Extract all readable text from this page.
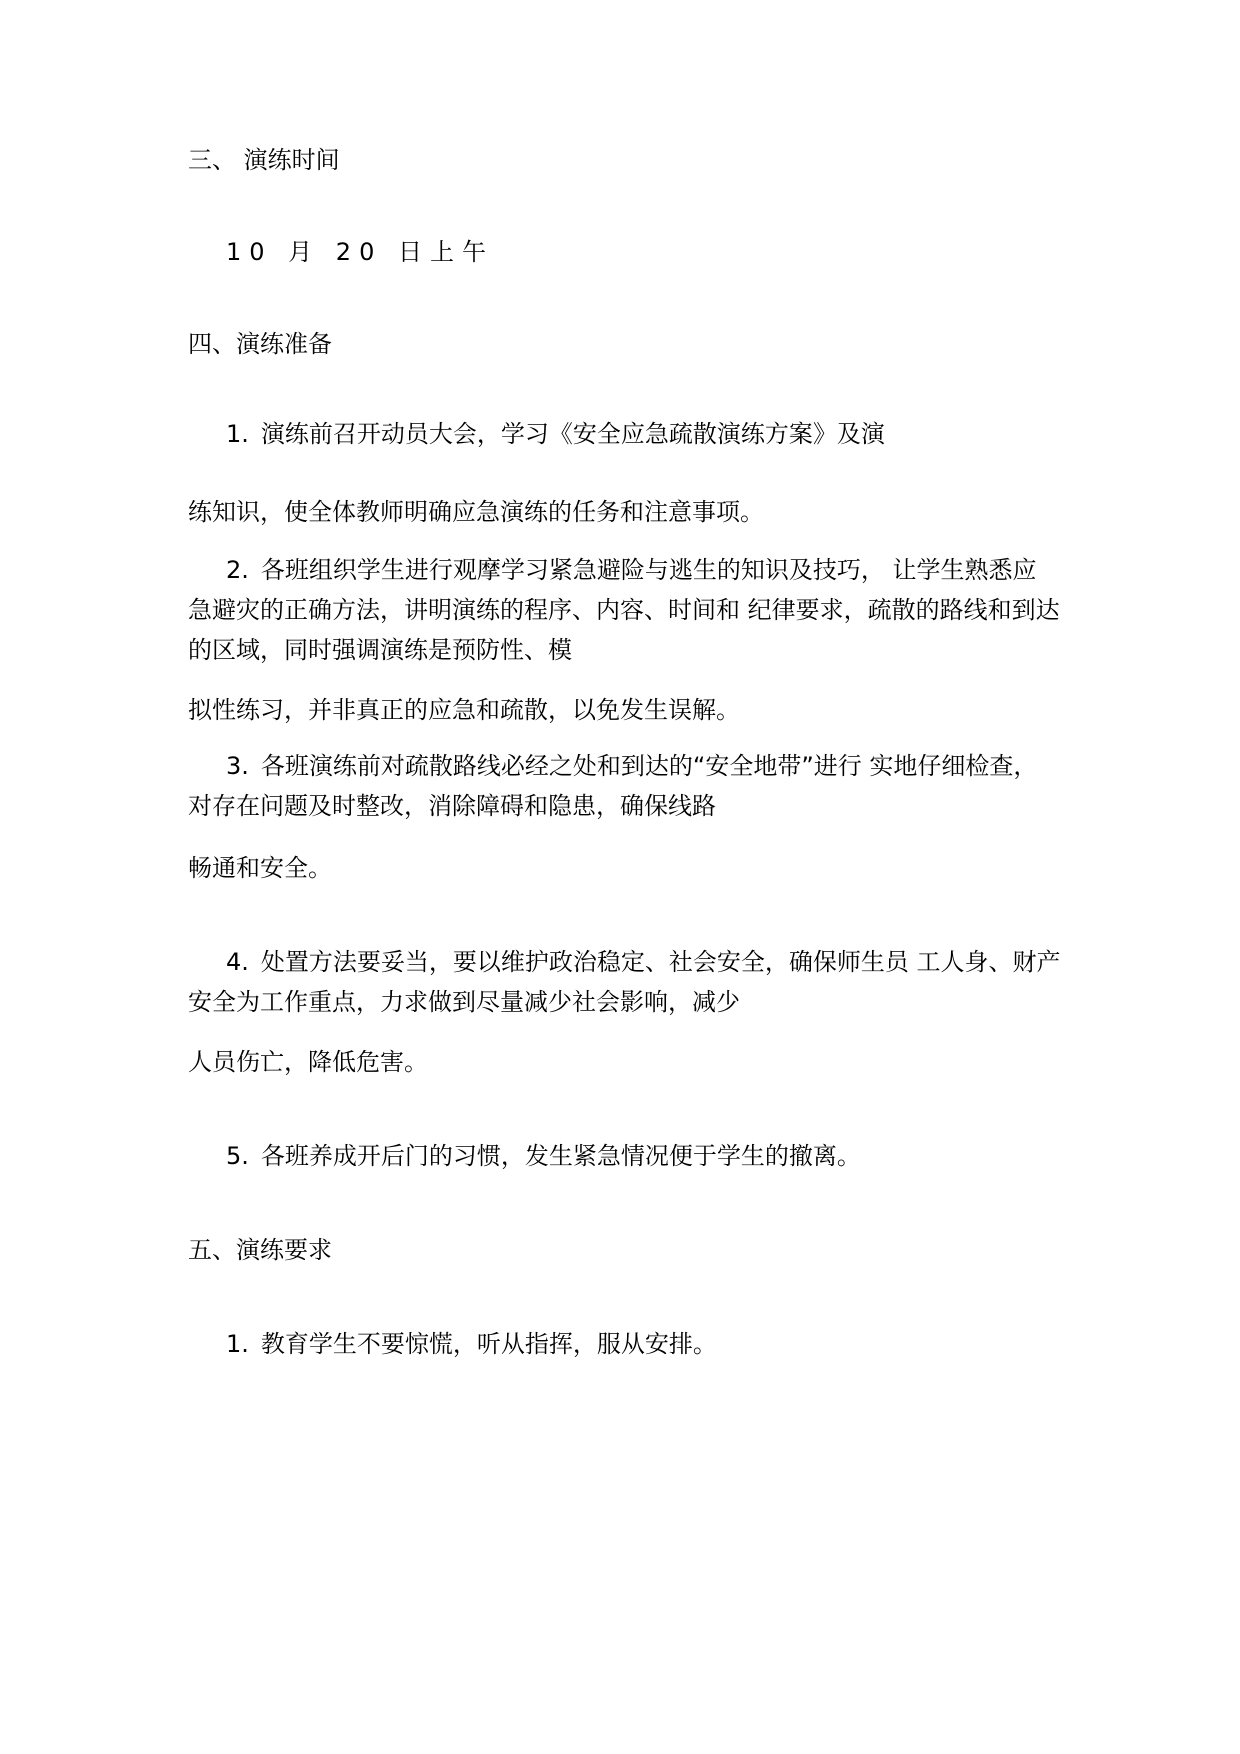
三、 演练时间
10 月 20 日上午
四、演练准备
1. 演练前召开动员大会，学习《安全应急疏散演练方案》及演
练知识，使全体教师明确应急演练的任务和注意事项。
2. 各班组织学生进行观摩学习紧急避险与逃生的知识及技巧， 让学生熟悉应
急避灾的正确方法，讲明演练的程序、内容、时间和 纪律要求，疏散的路线和到达
的区域，同时强调演练是预防性、模
拟性练习，并非真正的应急和疏散，以免发生误解。
3. 各班演练前对疏散路线必经之处和到达的“安全地带”进行 实地仔细检查，
对存在问题及时整改，消除障碍和隐患，确保线路
畅通和安全。
4. 处置方法要妥当，要以维护政治稳定、社会安全，确保师生员 工人身、财产
安全为工作重点，力求做到尽量减少社会影响，减少
人员伤亡，降低危害。
5. 各班养成开后门的习惯，发生紧急情况便于学生的撤离。
五、演练要求
1. 教育学生不要惊慌，听从指挥，服从安排。
